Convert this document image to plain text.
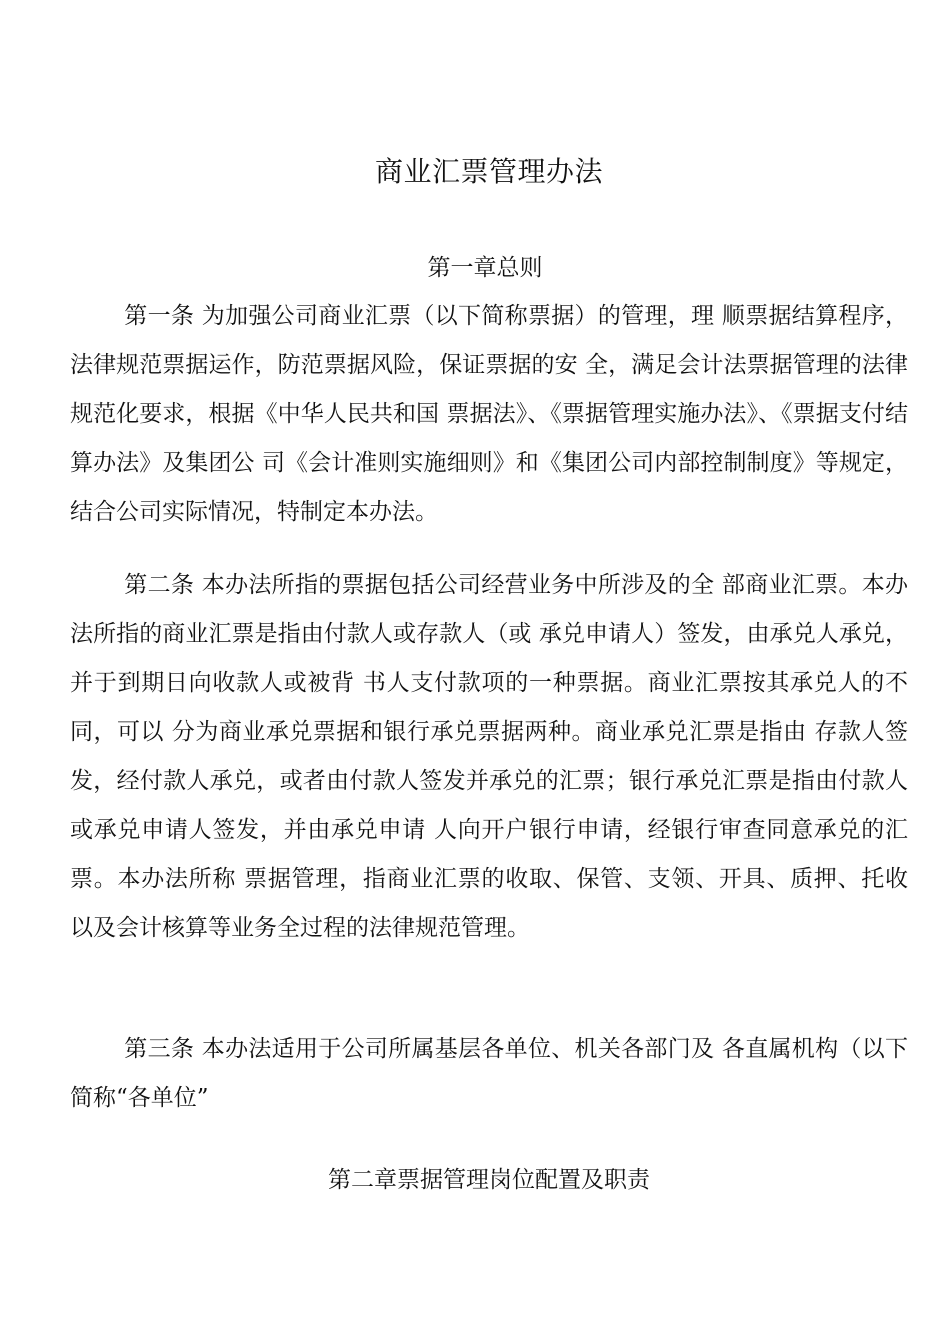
商业汇票管理办法
第一章总则

第一条 为加强公司商业汇票（以下简称票据）的管理，理 顺票据结算程序，法律规范票据运作，防范票据风险，保证票据的安 全，满足会计法票据管理的法律规范化要求，根据《中华人民共和国 票据法》、《票据管理实施办法》、《票据支付结算办法》及集团公 司《会计准则实施细则》和《集团公司内部控制制度》等规定， 结合公司实际情况，特制定本办法。

第二条 本办法所指的票据包括公司经营业务中所涉及的全 部商业汇票。本办法所指的商业汇票是指由付款人或存款人（或 承兑申请人）签发，由承兑人承兑，并于到期日向收款人或被背 书人支付款项的一种票据。商业汇票按其承兑人的不同，可以 分为商业承兑票据和银行承兑票据两种。商业承兑汇票是指由 存款人签发，经付款人承兑，或者由付款人签发并承兑的汇票；银行承兑汇票是指由付款人或承兑申请人签发，并由承兑申请 人向开户银行申请，经银行审查同意承兑的汇票。本办法所称 票据管理，指商业汇票的收取、保管、支领、开具、质押、托收 以及会计核算等业务全过程的法律规范管理。

第三条 本办法适用于公司所属基层各单位、机关各部门及 各直属机构（以下简称“各单位”

第二章票据管理岗位配置及职责
